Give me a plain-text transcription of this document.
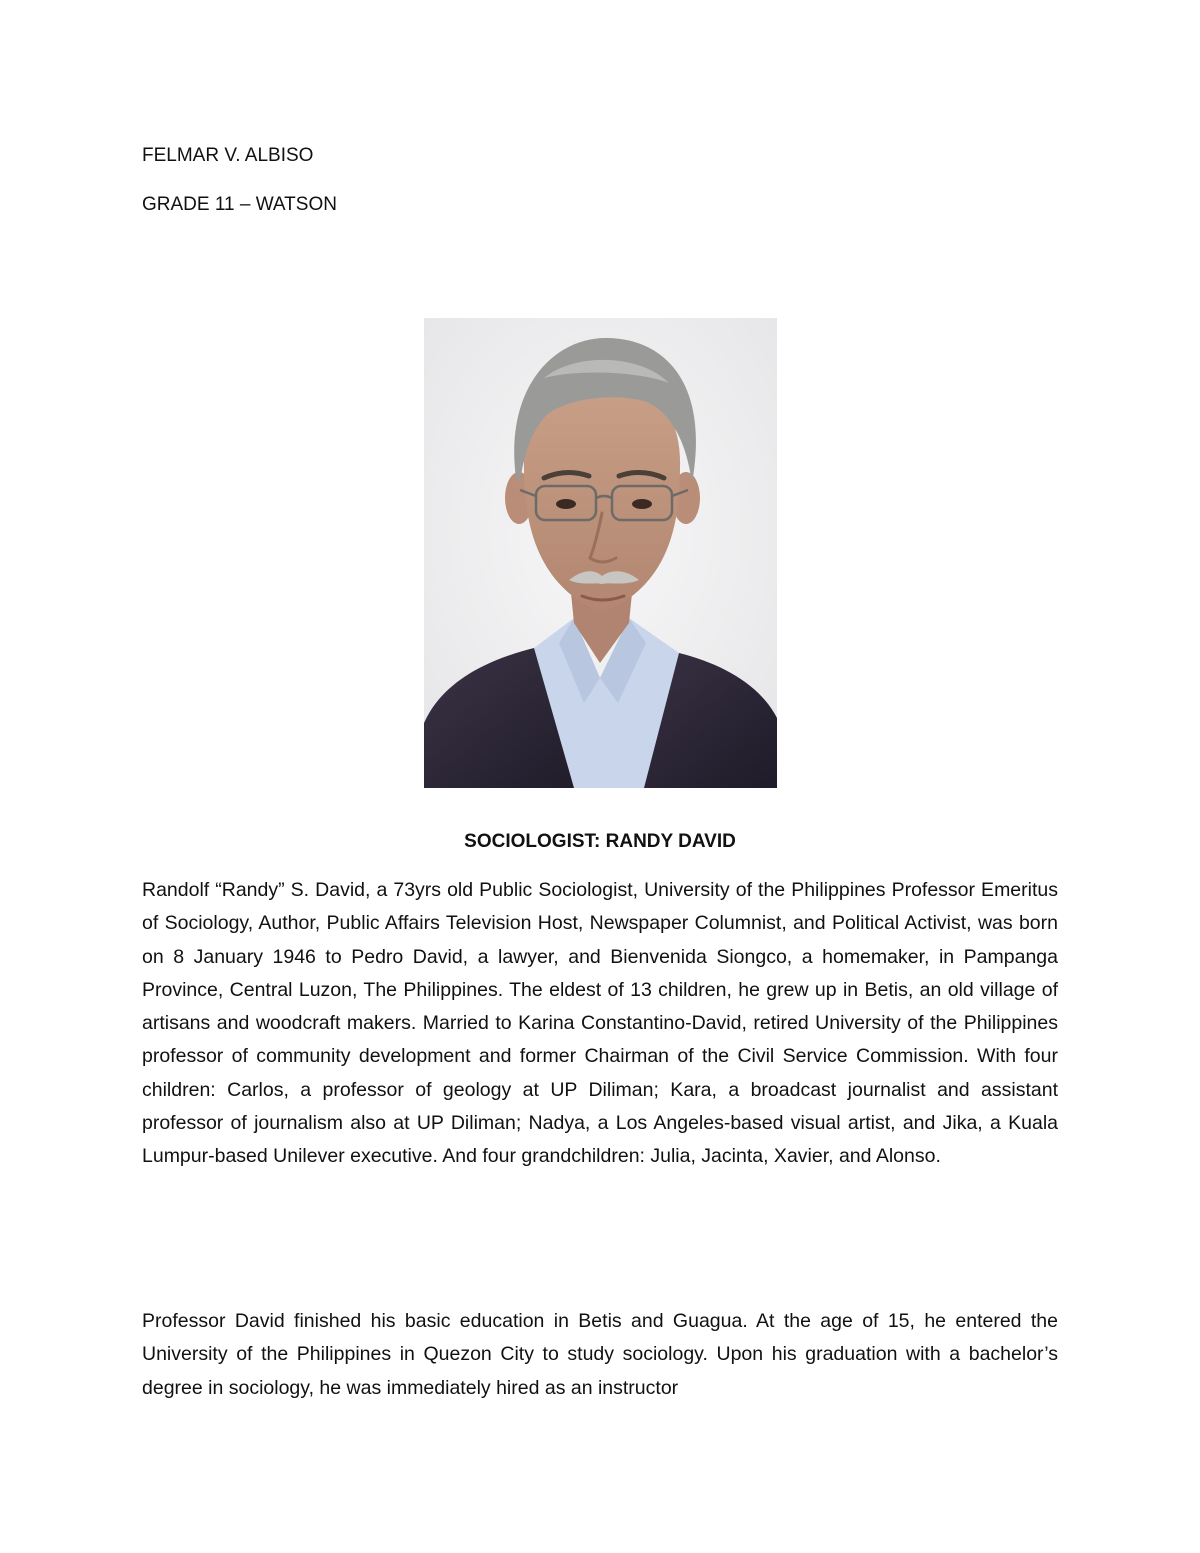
FELMAR V. ALBISO
GRADE 11 – WATSON
SOCIOLOGIST: RANDY DAVID

Randolf “Randy” S. David, a 73yrs old Public Sociologist, University of the Philippines Professor Emeritus of Sociology, Author, Public Affairs Television Host, Newspaper Columnist, and Political Activist, was born on 8 January 1946 to Pedro David, a lawyer, and Bienvenida Siongco, a homemaker, in Pampanga Province, Central Luzon, The Philippines. The eldest of 13 children, he grew up in Betis, an old village of artisans and woodcraft makers. Married to Karina Constantino-David, retired University of the Philippines professor of community development and former Chairman of the Civil Service Commission. With four children: Carlos, a professor of geology at UP Diliman; Kara, a broadcast journalist and assistant professor of journalism also at UP Diliman; Nadya, a Los Angeles-based visual artist, and Jika, a Kuala Lumpur-based Unilever executive. And four grandchildren: Julia, Jacinta, Xavier, and Alonso.

Professor David finished his basic education in Betis and Guagua. At the age of 15, he entered the University of the Philippines in Quezon City to study sociology. Upon his graduation with a bachelor’s degree in sociology, he was immediately hired as an instructor
